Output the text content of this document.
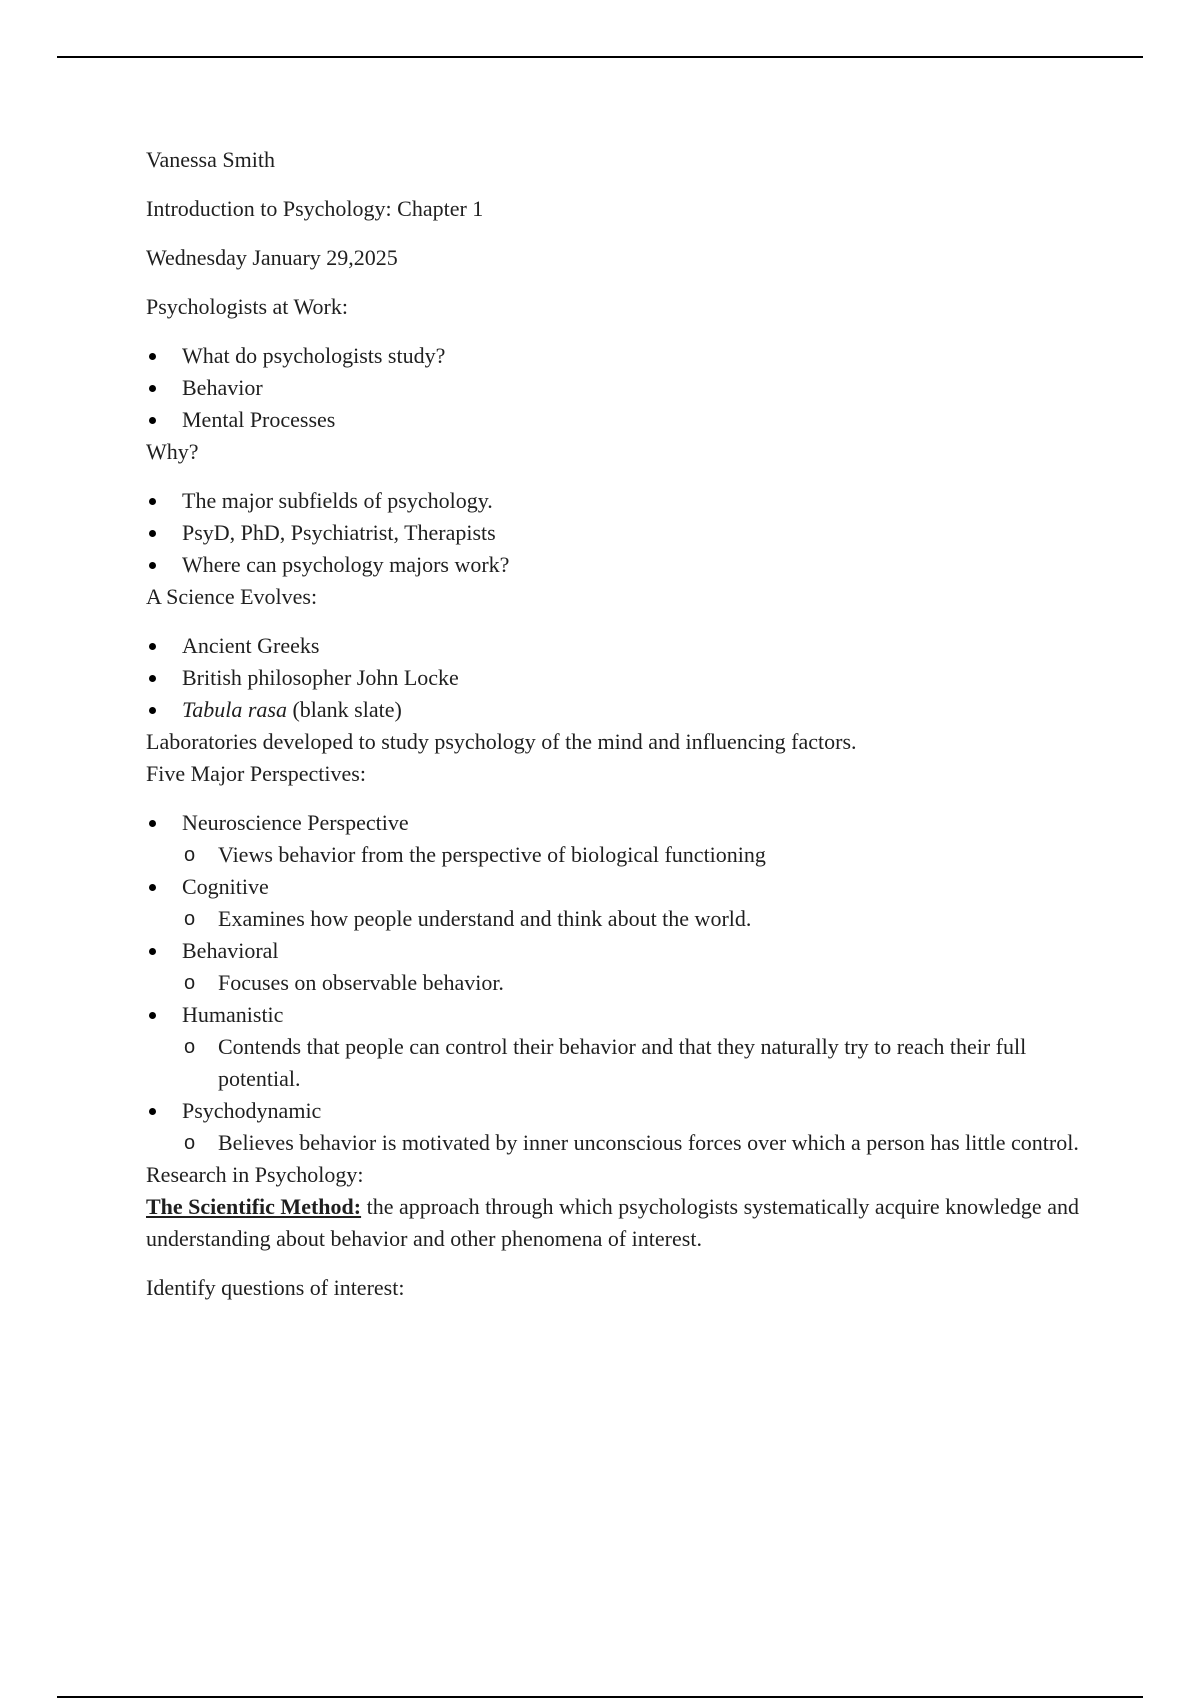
Vanessa Smith

Introduction to Psychology: Chapter 1

Wednesday January 29,2025

Psychologists at Work:

What do psychologists study?
Behavior
Mental Processes

Why?

The major subfields of psychology.
PsyD, PhD, Psychiatrist, Therapists
Where can psychology majors work?

A Science Evolves:

Ancient Greeks
British philosopher John Locke
Tabula rasa (blank slate)

Laboratories developed to study psychology of the mind and influencing factors.

Five Major Perspectives:

Neuroscience Perspective
o Views behavior from the perspective of biological functioning
Cognitive
o Examines how people understand and think about the world.
Behavioral
o Focuses on observable behavior.
Humanistic
o Contends that people can control their behavior and that they naturally try to reach their full potential.
Psychodynamic
o Believes behavior is motivated by inner unconscious forces over which a person has little control.

Research in Psychology:

The Scientific Method: the approach through which psychologists systematically acquire knowledge and understanding about behavior and other phenomena of interest.

Identify questions of interest:
